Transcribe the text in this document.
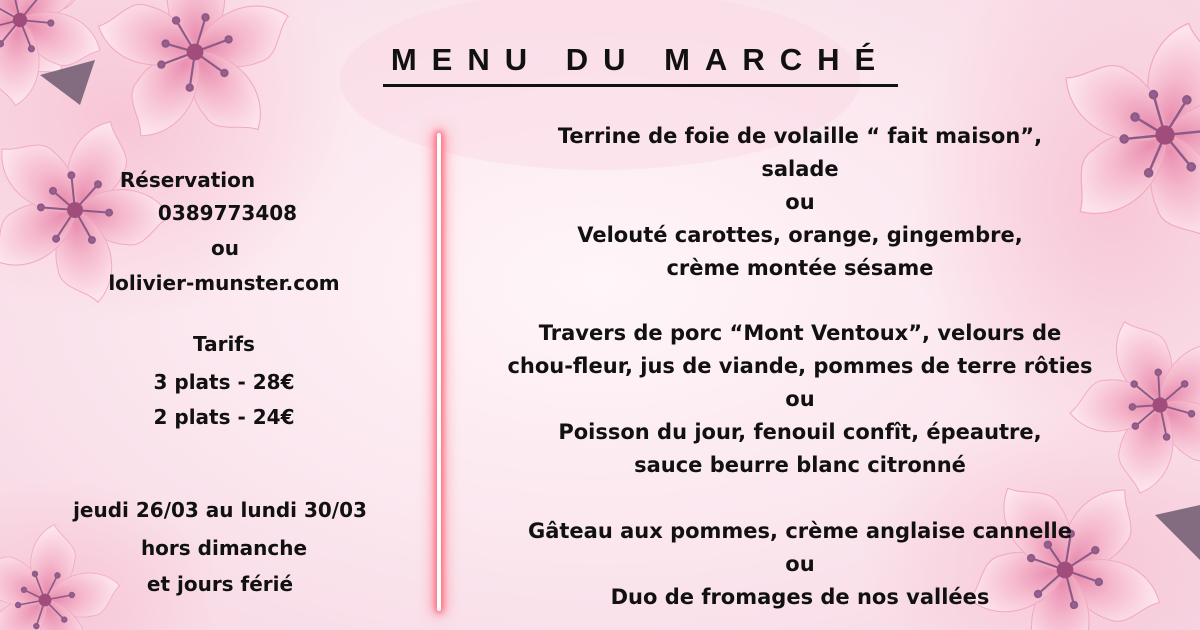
MENU DU MARCHÉ

Réservation

0389773408

ou

lolivier-munster.com

Tarifs

3 plats - 28€

2 plats - 24€

jeudi 26/03 au lundi 30/03

hors dimanche

et jours férié

Terrine de foie de volaille “ fait maison”,

salade

ou

Velouté carottes, orange, gingembre,

crème montée sésame

Travers de porc “Mont Ventoux”, velours de

chou-fleur, jus de viande, pommes de terre rôties

ou

Poisson du jour, fenouil confît, épeautre,

sauce beurre blanc citronné

Gâteau aux pommes, crème anglaise cannelle

ou

Duo de fromages de nos vallées
